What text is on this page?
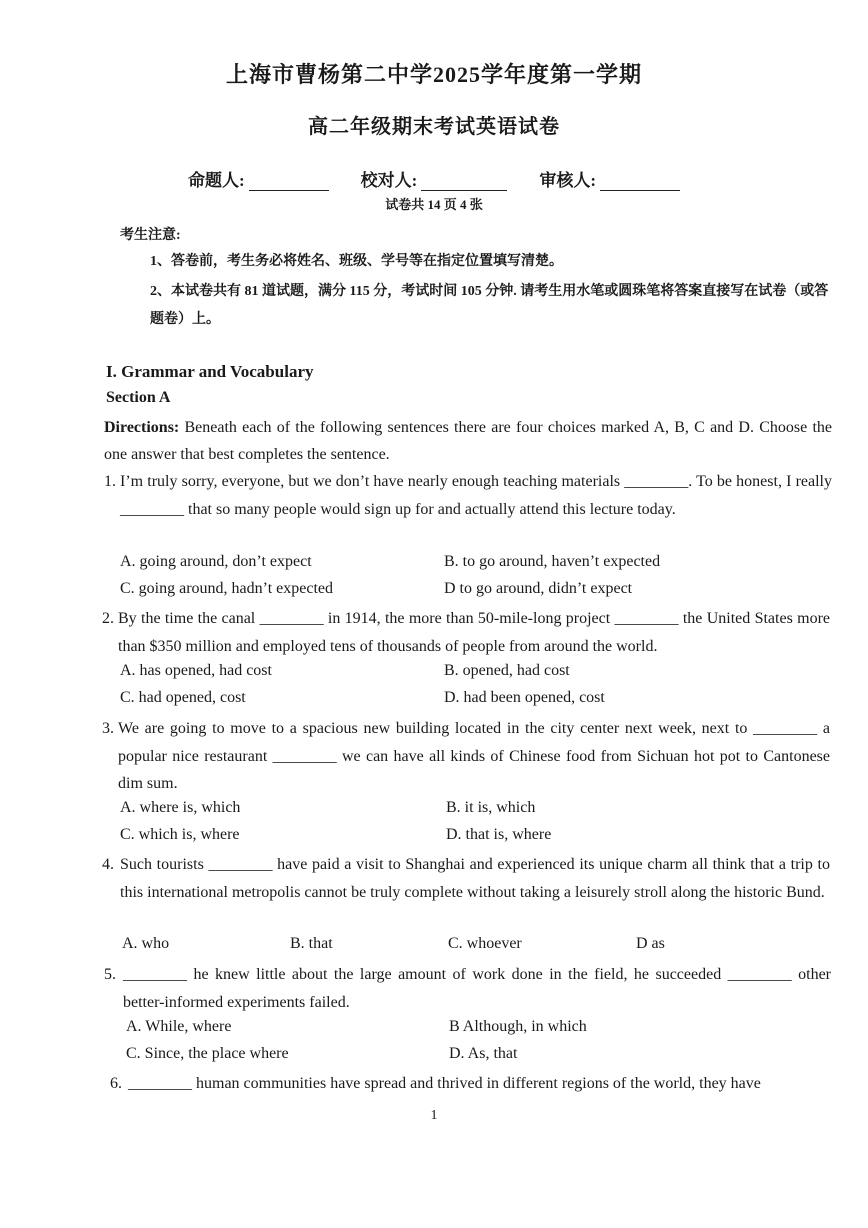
上海市曹杨第二中学2025学年度第一学期
高二年级期末考试英语试卷
命题人:	校对人:	审核人:
试卷共 14 页 4 张
考生注意:
1、答卷前，考生务必将姓名、班级、学号等在指定位置填写清楚。
2、本试卷共有 81 道试题，满分 115 分，考试时间 105 分钟. 请考生用水笔或圆珠笔将答案直接写在试卷（或答题卷）上。
I. Grammar and Vocabulary
Section A
Directions: Beneath each of the following sentences there are four choices marked A, B, C and D. Choose the one answer that best completes the sentence.
1. I’m truly sorry, everyone, but we don’t have nearly enough teaching materials ________. To be honest, I really ________ that so many people would sign up for and actually attend this lecture today.
A. going around, don’t expect	B. to go around, haven’t expected
C. going around, hadn’t expected	D to go around, didn’t expect
2. By the time the canal ________ in 1914, the more than 50-mile-long project ________ the United States more than $350 million and employed tens of thousands of people from around the world.
A. has opened, had cost	B. opened, had cost
C. had opened, cost	D. had been opened, cost
3. We are going to move to a spacious new building located in the city center next week, next to ________ a popular nice restaurant ________ we can have all kinds of Chinese food from Sichuan hot pot to Cantonese dim sum.
A. where is, which	B. it is, which
C. which is, where	D. that is, where
4. Such tourists ________ have paid a visit to Shanghai and experienced its unique charm all think that a trip to this international metropolis cannot be truly complete without taking a leisurely stroll along the historic Bund.
A. who	B. that	C. whoever	D as
5. ________ he knew little about the large amount of work done in the field, he succeeded ________ other better-informed experiments failed.
A. While, where	B Although, in which
C. Since, the place where	D. As, that
6. ________ human communities have spread and thrived in different regions of the world, they have
1
